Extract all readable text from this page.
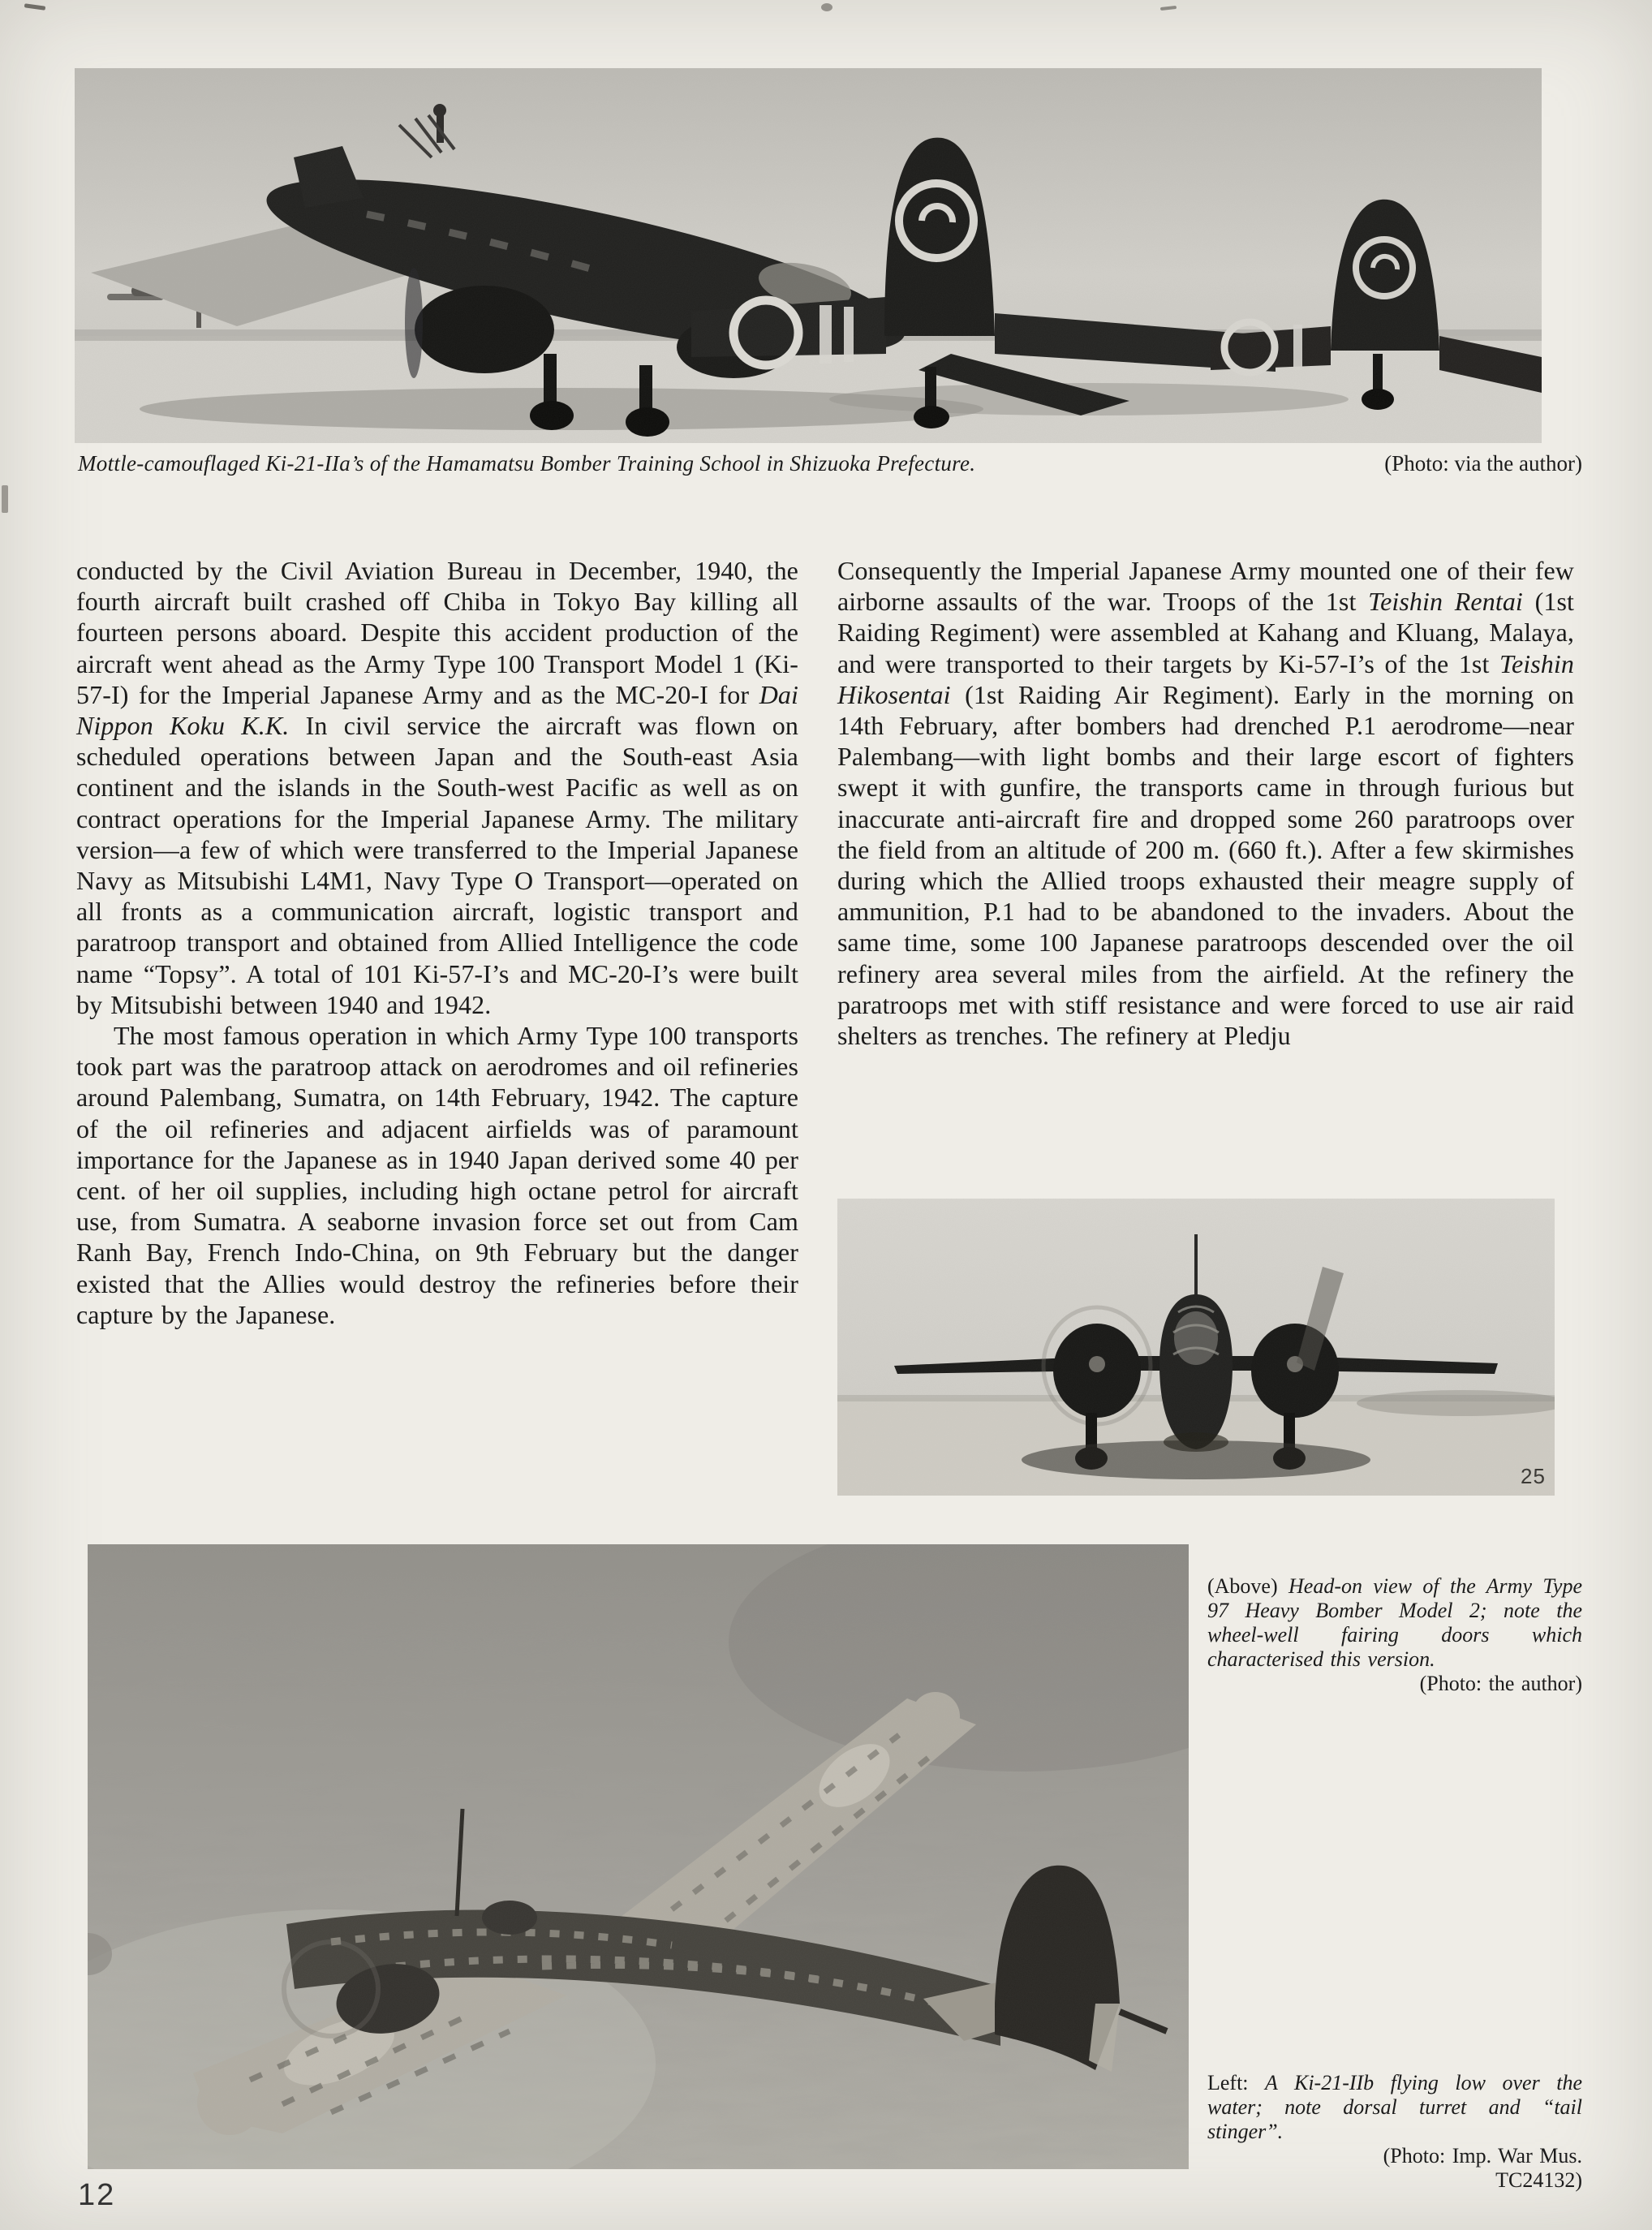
Mottle-camouflaged Ki-21-IIa’s of the Hamamatsu Bomber Training School in Shizuoka Prefecture.	(Photo: via the author)

conducted by the Civil Aviation Bureau in December, 1940, the fourth aircraft built crashed off Chiba in Tokyo Bay killing all fourteen persons aboard. Despite this accident production of the aircraft went ahead as the Army Type 100 Transport Model 1 (Ki-57-I) for the Imperial Japanese Army and as the MC-20-I for Dai Nippon Koku K.K. In civil service the aircraft was flown on scheduled operations between Japan and the South-east Asia continent and the islands in the South-west Pacific as well as on contract operations for the Imperial Japanese Army. The military version—a few of which were transferred to the Imperial Japanese Navy as Mitsubishi L4M1, Navy Type O Transport—operated on all fronts as a communication aircraft, logistic transport and paratroop transport and obtained from Allied Intelligence the code name “Topsy”. A total of 101 Ki-57-I’s and MC-20-I’s were built by Mitsubishi between 1940 and 1942.

The most famous operation in which Army Type 100 transports took part was the paratroop attack on aerodromes and oil refineries around Palembang, Sumatra, on 14th February, 1942. The capture of the oil refineries and adjacent airfields was of paramount importance for the Japanese as in 1940 Japan derived some 40 per cent. of her oil supplies, including high octane petrol for aircraft use, from Sumatra. A seaborne invasion force set out from Cam Ranh Bay, French Indo-China, on 9th February but the danger existed that the Allies would destroy the refineries before their capture by the Japanese.

Consequently the Imperial Japanese Army mounted one of their few airborne assaults of the war. Troops of the 1st Teishin Rentai (1st Raiding Regiment) were assembled at Kahang and Kluang, Malaya, and were transported to their targets by Ki-57-I’s of the 1st Teishin Hikosentai (1st Raiding Air Regiment). Early in the morning on 14th February, after bombers had drenched P.1 aerodrome—near Palembang—with light bombs and their large escort of fighters swept it with gunfire, the transports came in through furious but inaccurate anti-aircraft fire and dropped some 260 paratroops over the field from an altitude of 200 m. (660 ft.). After a few skirmishes during which the Allied troops exhausted their meagre supply of ammunition, P.1 had to be abandoned to the invaders. About the same time, some 100 Japanese paratroops descended over the oil refinery area several miles from the airfield. At the refinery the paratroops met with stiff resistance and were forced to use air raid shelters as trenches. The refinery at Pledju

25

(Above) Head-on view of the Army Type 97 Heavy Bomber Model 2; note the wheel-well fairing doors which characterised this version.
(Photo: the author)

Left: A Ki-21-IIb flying low over the water; note dorsal turret and “tail stinger”.
(Photo: Imp. War Mus.
TC24132)

12
